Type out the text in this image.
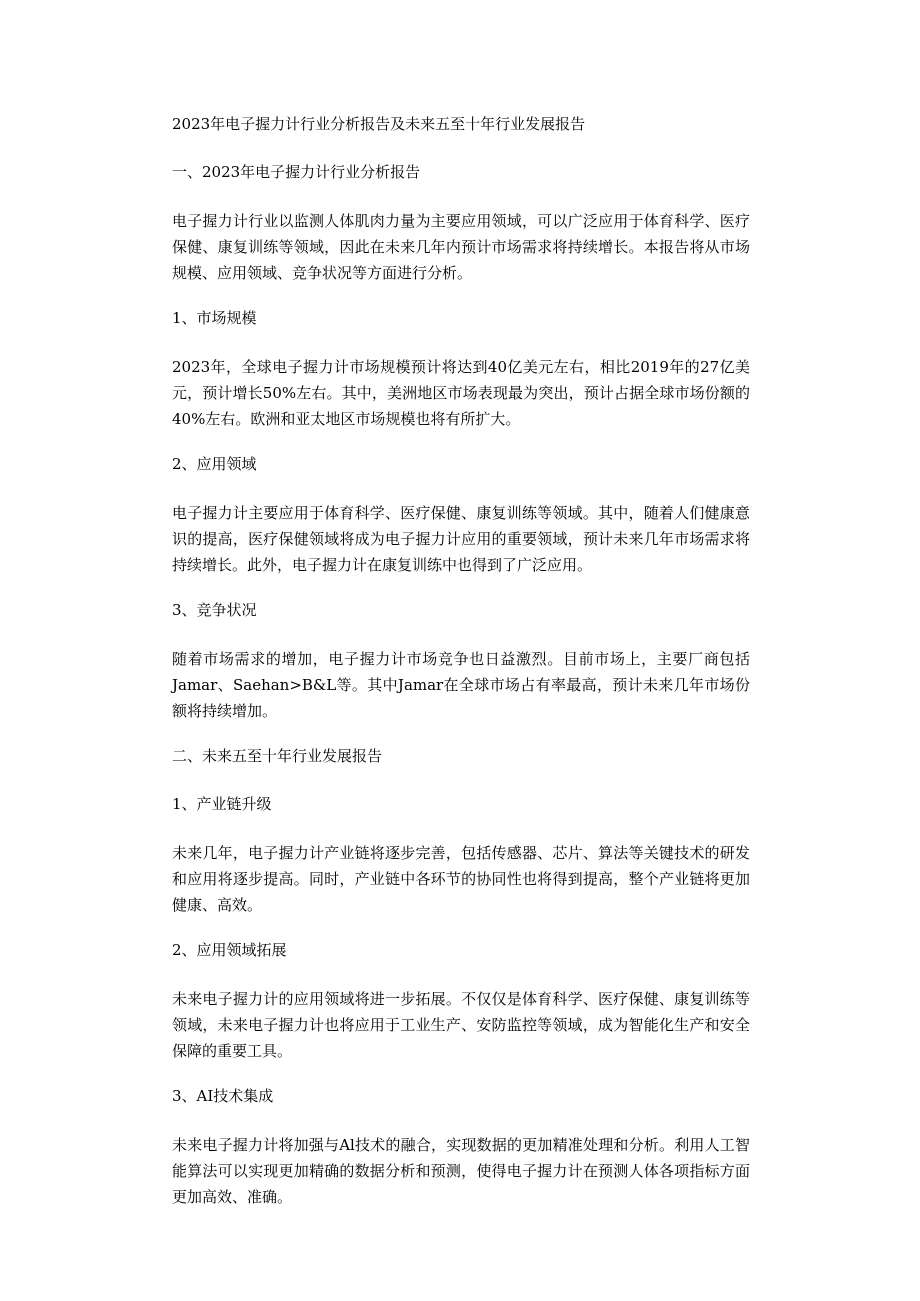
2023年电子握力计行业分析报告及未来五至十年行业发展报告

一、2023年电子握力计行业分析报告

电子握力计行业以监测人体肌肉力量为主要应用领域，可以广泛应用于体育科学、医疗保健、康复训练等领域，因此在未来几年内预计市场需求将持续增长。本报告将从市场规模、应用领域、竞争状况等方面进行分析。

1、市场规模

2023年，全球电子握力计市场规模预计将达到40亿美元左右，相比2019年的27亿美元，预计增长50%左右。其中，美洲地区市场表现最为突出，预计占据全球市场份额的40%左右。欧洲和亚太地区市场规模也将有所扩大。

2、应用领域

电子握力计主要应用于体育科学、医疗保健、康复训练等领域。其中，随着人们健康意识的提高，医疗保健领域将成为电子握力计应用的重要领域，预计未来几年市场需求将持续增长。此外，电子握力计在康复训练中也得到了广泛应用。

3、竞争状况

随着市场需求的增加，电子握力计市场竞争也日益激烈。目前市场上，主要厂商包括Jamar、Saehan>B&L等。其中Jamar在全球市场占有率最高，预计未来几年市场份额将持续增加。

二、未来五至十年行业发展报告

1、产业链升级

未来几年，电子握力计产业链将逐步完善，包括传感器、芯片、算法等关键技术的研发和应用将逐步提高。同时，产业链中各环节的协同性也将得到提高，整个产业链将更加健康、高效。

2、应用领域拓展

未来电子握力计的应用领域将进一步拓展。不仅仅是体育科学、医疗保健、康复训练等领域，未来电子握力计也将应用于工业生产、安防监控等领域，成为智能化生产和安全保障的重要工具。

3、AI技术集成

未来电子握力计将加强与Al技术的融合，实现数据的更加精准处理和分析。利用人工智能算法可以实现更加精确的数据分析和预测，使得电子握力计在预测人体各项指标方面更加高效、准确。
